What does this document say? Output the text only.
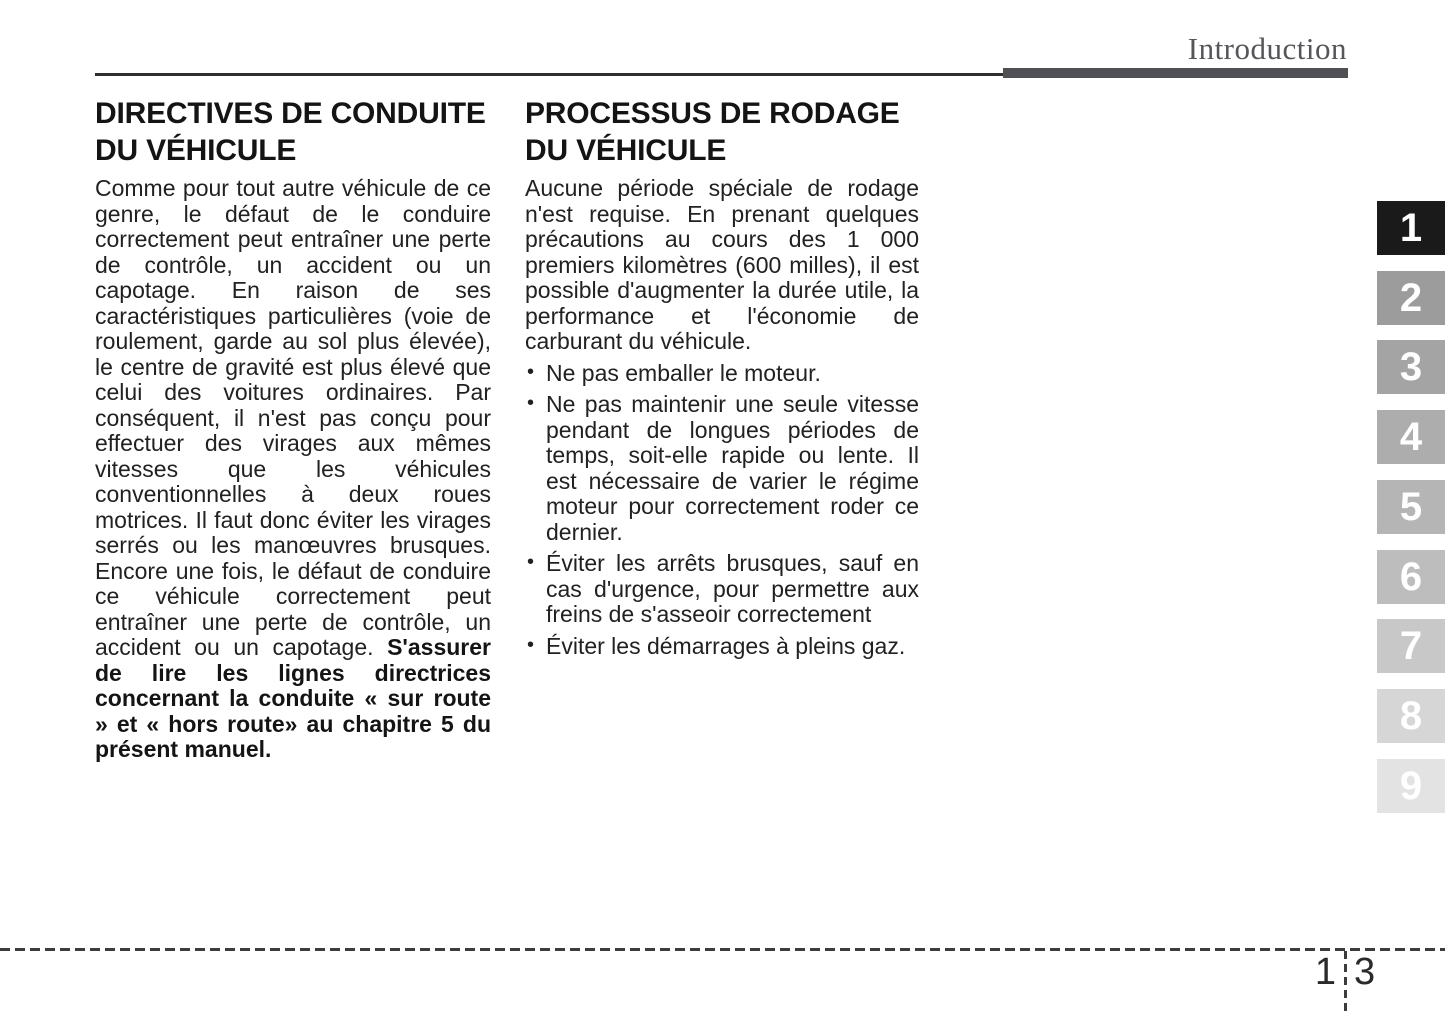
Introduction
DIRECTIVES DE CONDUITE
DU VÉHICULE

Comme pour tout autre véhicule de ce genre, le défaut de le conduire correctement peut entraîner une perte de contrôle, un accident ou un capotage. En raison de ses caractéristiques particulières (voie de roulement, garde au sol plus élevée), le centre de gravité est plus élevé que celui des voitures ordinaires. Par conséquent, il n'est pas conçu pour effectuer des virages aux mêmes vitesses que les véhicules conventionnelles à deux roues motrices. Il faut donc éviter les virages serrés ou les manœuvres brusques. Encore une fois, le défaut de conduire ce véhicule correctement peut entraîner une perte de contrôle, un accident ou un capotage. S'assurer de lire les lignes directrices concernant la conduite « sur route » et « hors route» au chapitre 5 du présent manuel.

PROCESSUS DE RODAGE
DU VÉHICULE

Aucune période spéciale de rodage n'est requise. En prenant quelques précautions au cours des 1 000 premiers kilomètres (600 milles), il est possible d'augmenter la durée utile, la performance et l'économie de carburant du véhicule.

• Ne pas emballer le moteur.
• Ne pas maintenir une seule vitesse pendant de longues périodes de temps, soit-elle rapide ou lente. Il est nécessaire de varier le régime moteur pour correctement roder ce dernier.
• Éviter les arrêts brusques, sauf en cas d'urgence, pour permettre aux freins de s'asseoir correctement
• Éviter les démarrages à pleins gaz.
1
2
3
4
5
6
7
8
9
1 3
